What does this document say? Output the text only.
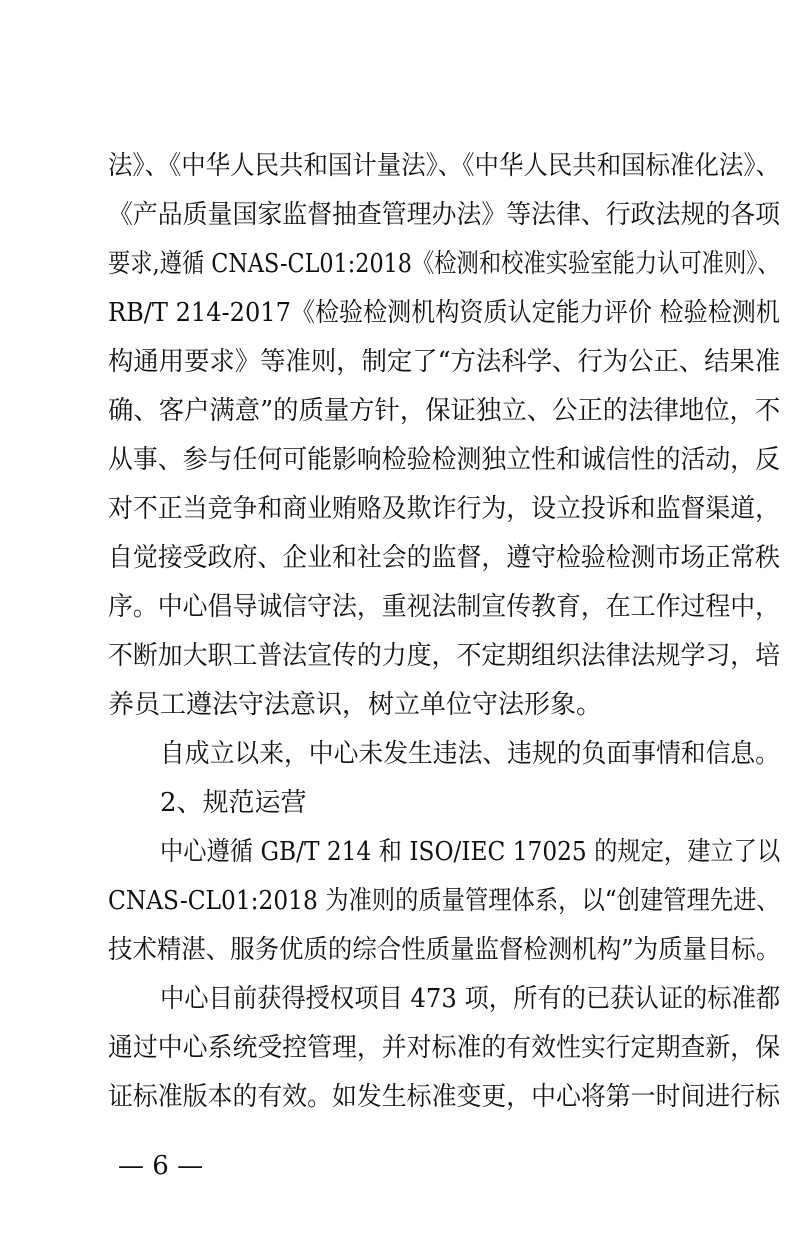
法》、《中华人民共和国计量法》、《中华人民共和国标准化法》、
《产品质量国家监督抽查管理办法》等法律、行政法规的各项
要求,遵循 CNAS-CL01:2018《检测和校准实验室能力认可准则》、
RB/T 214-2017《检验检测机构资质认定能力评价 检验检测机
构通用要求》等准则，制定了“方法科学、行为公正、结果准
确、客户满意”的质量方针，保证独立、公正的法律地位，不
从事、参与任何可能影响检验检测独立性和诚信性的活动，反
对不正当竞争和商业贿赂及欺诈行为，设立投诉和监督渠道，
自觉接受政府、企业和社会的监督，遵守检验检测市场正常秩
序。中心倡导诚信守法，重视法制宣传教育，在工作过程中，
不断加大职工普法宣传的力度，不定期组织法律法规学习，培
养员工遵法守法意识，树立单位守法形象。
自成立以来，中心未发生违法、违规的负面事情和信息。
2、规范运营
中心遵循 GB/T 214 和 ISO/IEC 17025 的规定，建立了以
CNAS-CL01:2018 为准则的质量管理体系，以“创建管理先进、
技术精湛、服务优质的综合性质量监督检测机构”为质量目标。
中心目前获得授权项目 473 项，所有的已获认证的标准都
通过中心系统受控管理，并对标准的有效性实行定期查新，保
证标准版本的有效。如发生标准变更，中心将第一时间进行标
— 6 —
